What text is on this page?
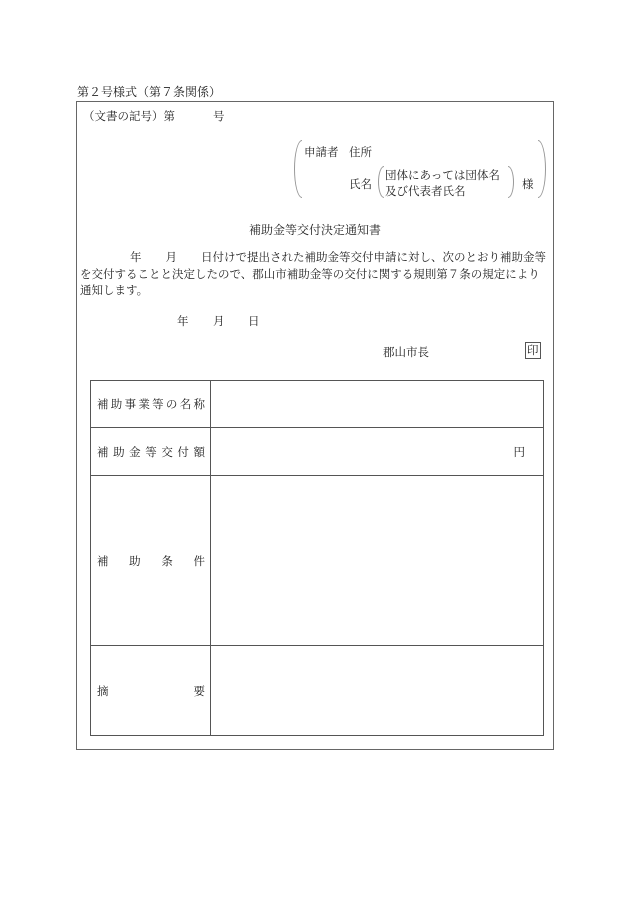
第２号様式（第７条関係）
（文書の記号）第	号
申請者 住所
氏名
団体にあっては団体名
及び代表者氏名	様
補助金等交付決定通知書
年 月 日付けで提出された補助金等交付申請に対し、次のとおり補助金等
を交付することと決定したので、郡山市補助金等の交付に関する規則第７条の規定により
通知します。
年 月 日
郡山市長	印
補 助 事 業 等 の 名 称

補 助 金 等 交 付 額	円

補 助 条 件	

摘 要	
